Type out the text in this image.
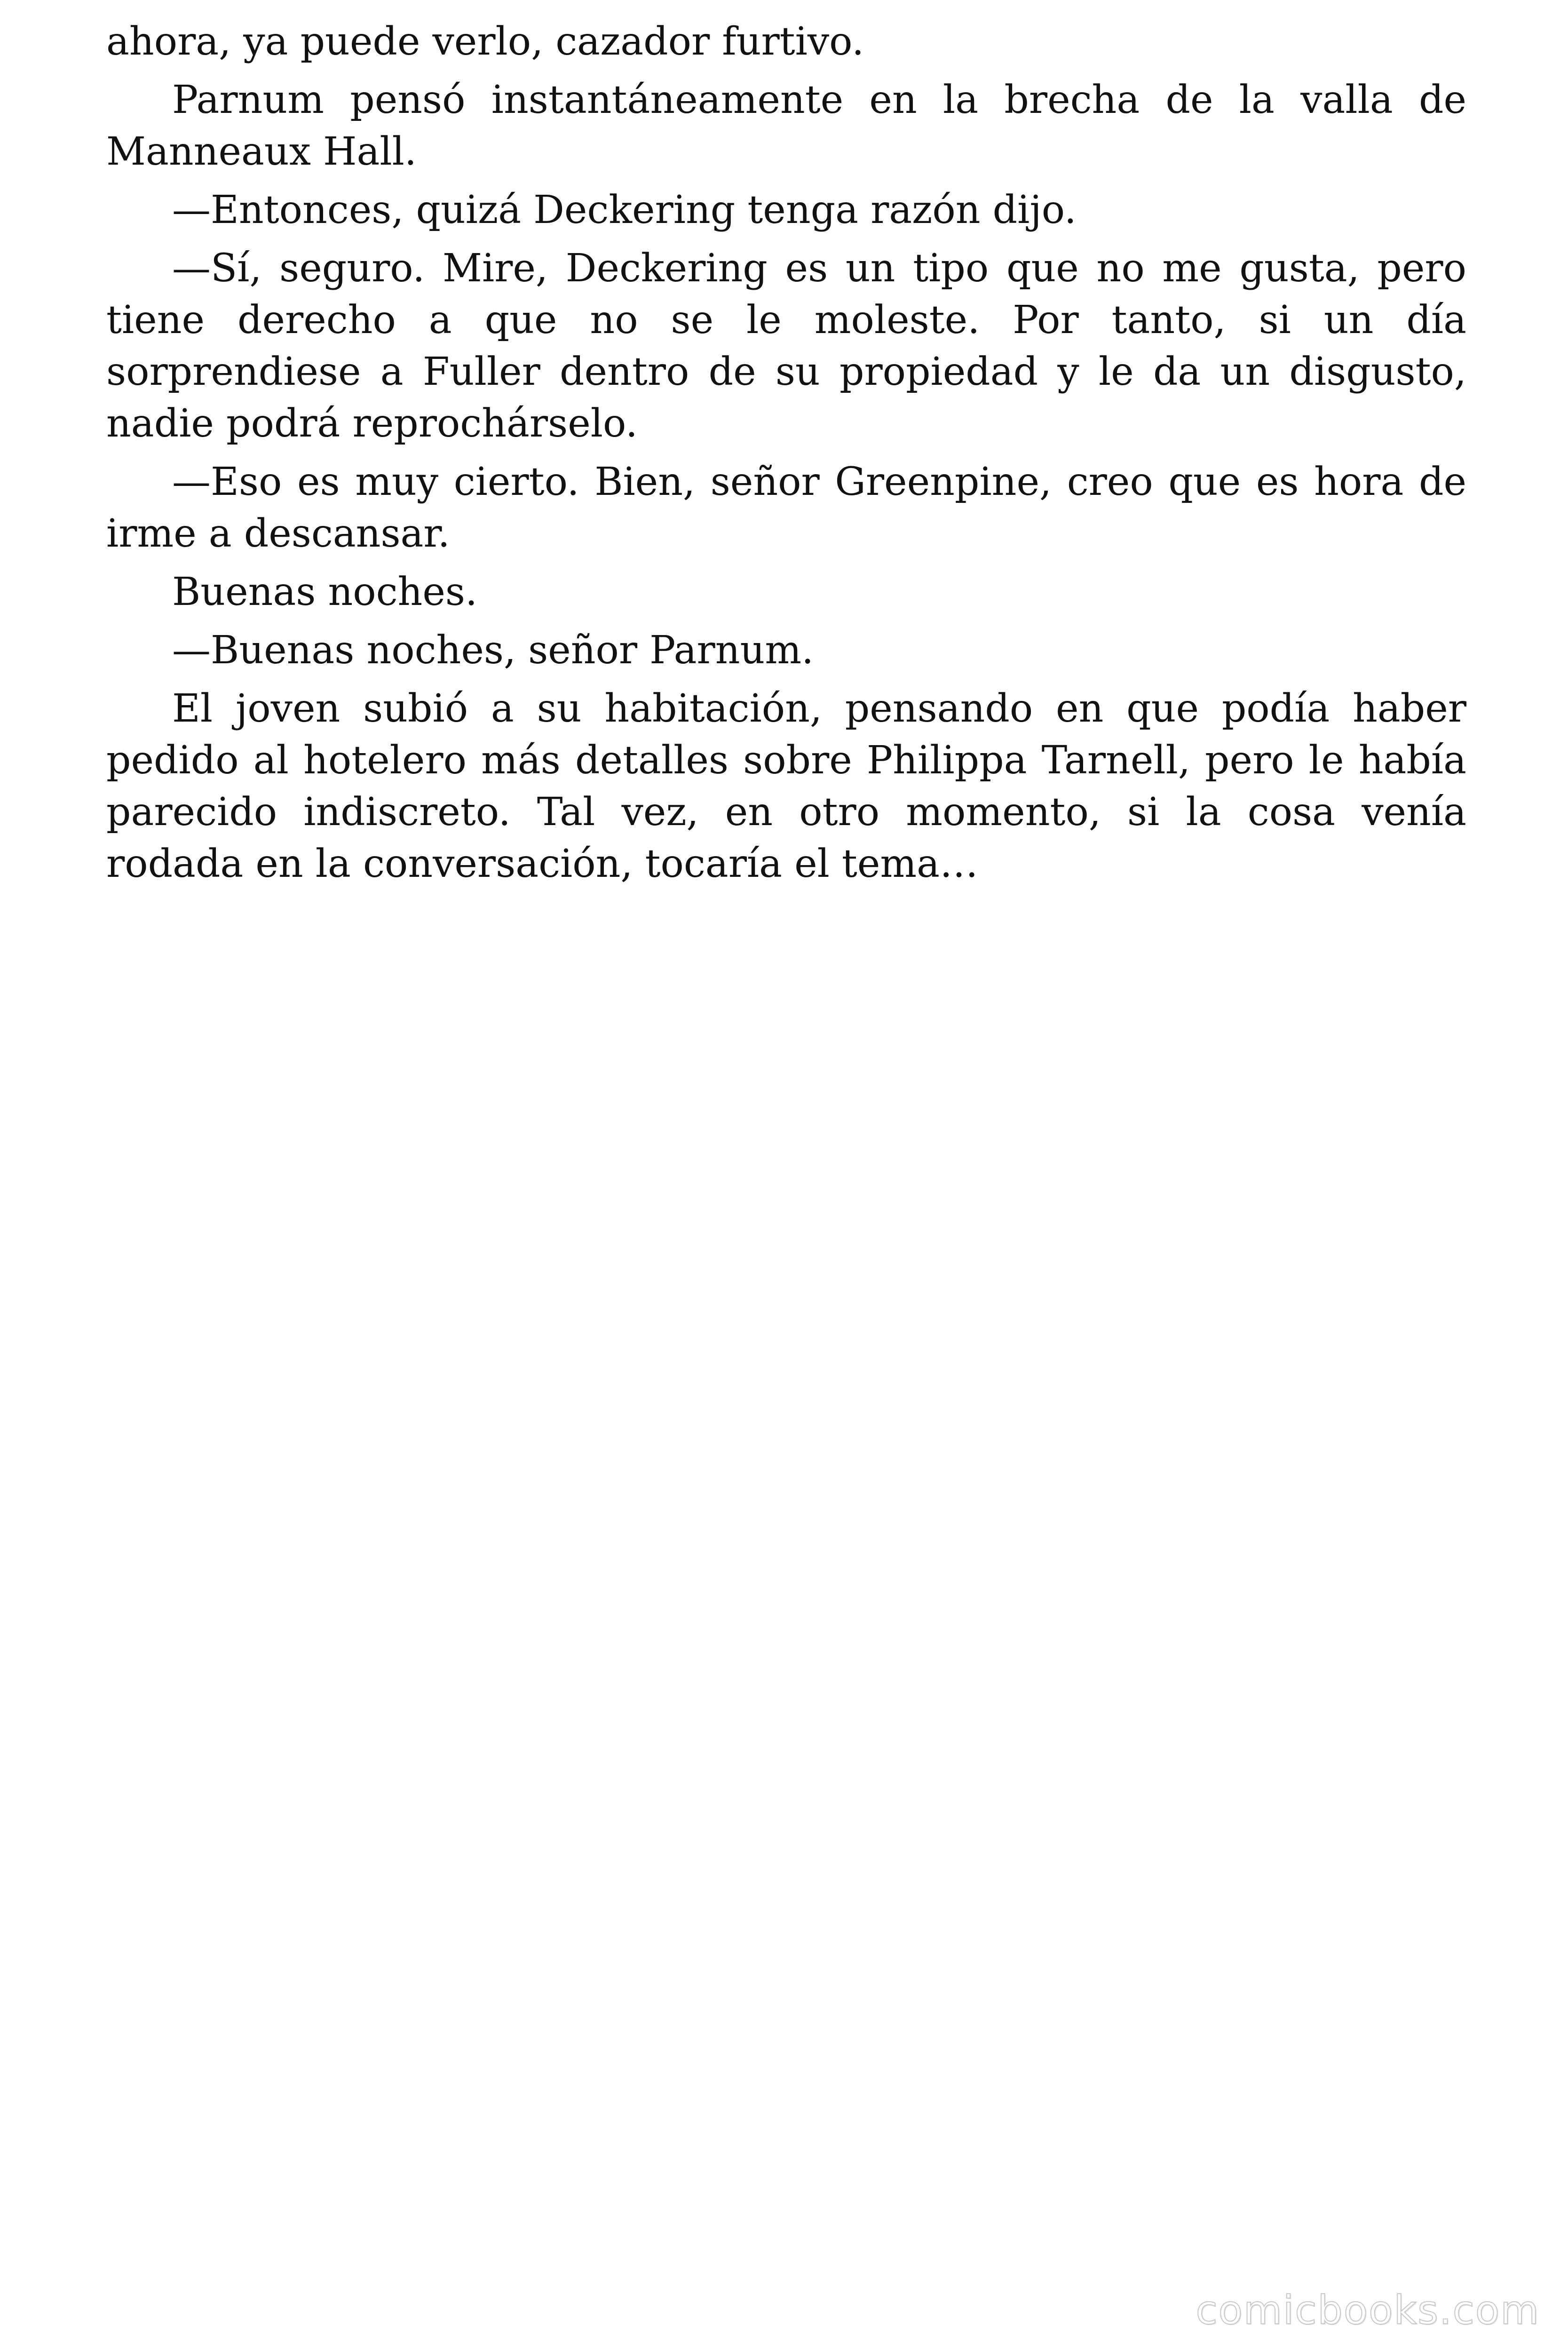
ahora, ya puede verlo, cazador furtivo.

Parnum pensó instantáneamente en la brecha de la valla de Manneaux Hall.

—Entonces, quizá Deckering tenga razón dijo.

—Sí, seguro. Mire, Deckering es un tipo que no me gusta, pero tiene derecho a que no se le moleste. Por tanto, si un día sorprendiese a Fuller dentro de su propiedad y le da un disgusto, nadie podrá reprochárselo.

—Eso es muy cierto. Bien, señor Greenpine, creo que es hora de irme a descansar.

Buenas noches.

—Buenas noches, señor Parnum.

El joven subió a su habitación, pensando en que podía haber pedido al hotelero más detalles sobre Philippa Tarnell, pero le había parecido indiscreto. Tal vez, en otro momento, si la cosa venía rodada en la conversación, tocaría el tema…

comicbooks.com
